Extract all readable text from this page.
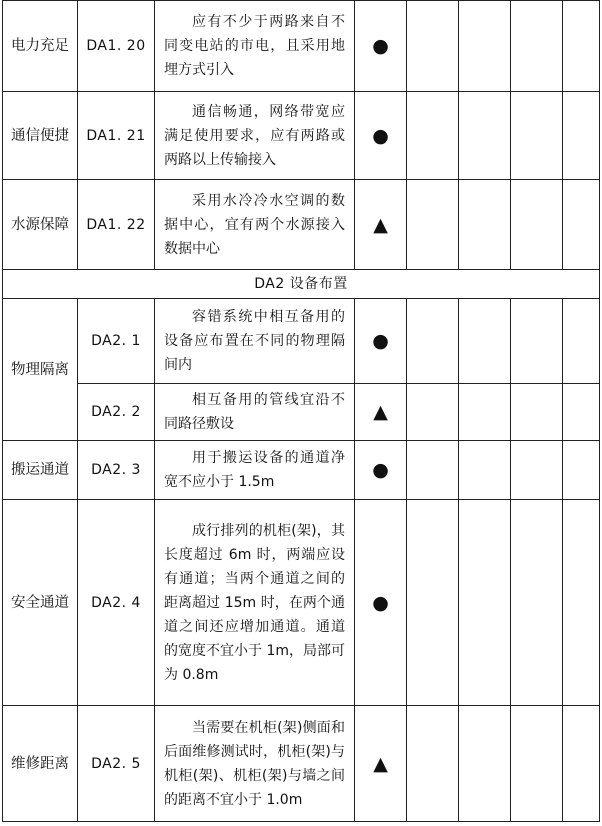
电力充足	DA1. 20	应有不少于两路来自不同变电站的市电，且采用地埋方式引入	●				
通信便捷	DA1. 21	通信畅通，网络带宽应满足使用要求，应有两路或两路以上传输接入	●				
水源保障	DA1. 22	采用水冷冷水空调的数据中心，宜有两个水源接入数据中心	▲				
DA2 设备布置							
物理隔离	DA2. 1	容错系统中相互备用的设备应布置在不同的物理隔间内	●				
	DA2. 2	相互备用的管线宜沿不同路径敷设	▲				
搬运通道	DA2. 3	用于搬运设备的通道净宽不应小于 1.5m	●				
安全通道	DA2. 4	成行排列的机柜(架)，其长度超过 6m 时，两端应设有通道；当两个通道之间的距离超过 15m 时，在两个通道之间还应增加通道。通道的宽度不宜小于 1m，局部可为 0.8m	●				
维修距离	DA2. 5	当需要在机柜(架)侧面和后面维修测试时，机柜(架)与机柜(架)、机柜(架)与墙之间的距离不宜小于 1.0m	▲				
